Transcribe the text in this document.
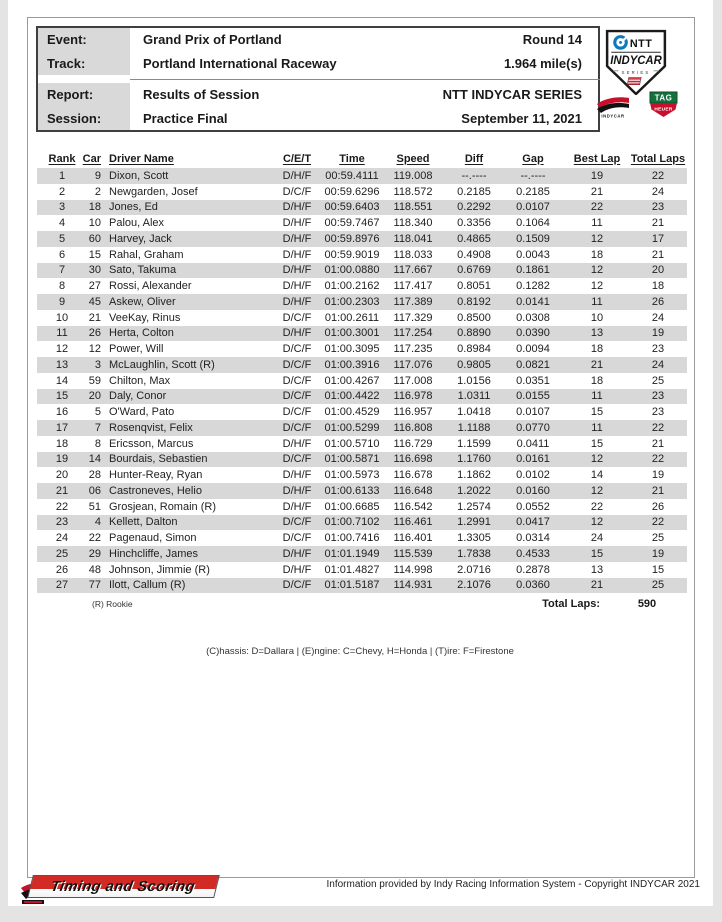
Event:	Grand Prix of Portland	Round 14
Track:	Portland International Raceway	1.964 mile(s)
Report:	Results of Session	NTT INDYCAR SERIES
Session:	Practice Final	September 11, 2021
NTT
INDYCAR
SERIES
INDYCAR
TAG
HEUER
Rank Car Driver Name	C/E/T	Time	Speed	Diff	Gap	Best Lap Total Laps
1	9 Dixon, Scott	D/H/F	00:59.4111	119.008	--.----	--.----	19	22
2	2 Newgarden, Josef	D/C/F	00:59.6296	118.572	0.2185	0.2185	21	24
3	18 Jones, Ed	D/H/F	00:59.6403	118.551	0.2292	0.0107	22	23
4	10 Palou, Alex	D/H/F	00:59.7467	118.340	0.3356	0.1064	11	21
5	60 Harvey, Jack	D/H/F	00:59.8976	118.041	0.4865	0.1509	12	17
6	15 Rahal, Graham	D/H/F	00:59.9019	118.033	0.4908	0.0043	18	21
7	30 Sato, Takuma	D/H/F	01:00.0880	117.667	0.6769	0.1861	12	20
8	27 Rossi, Alexander	D/H/F	01:00.2162	117.417	0.8051	0.1282	12	18
9	45 Askew, Oliver	D/H/F	01:00.2303	117.389	0.8192	0.0141	11	26
10	21 VeeKay, Rinus	D/C/F	01:00.2611	117.329	0.8500	0.0308	10	24
11	26 Herta, Colton	D/H/F	01:00.3001	117.254	0.8890	0.0390	13	19
12	12 Power, Will	D/C/F	01:00.3095	117.235	0.8984	0.0094	18	23
13	3 McLaughlin, Scott (R)	D/C/F	01:00.3916	117.076	0.9805	0.0821	21	24
14	59 Chilton, Max	D/C/F	01:00.4267	117.008	1.0156	0.0351	18	25
15	20 Daly, Conor	D/C/F	01:00.4422	116.978	1.0311	0.0155	11	23
16	5 O'Ward, Pato	D/C/F	01:00.4529	116.957	1.0418	0.0107	15	23
17	7 Rosenqvist, Felix	D/C/F	01:00.5299	116.808	1.1188	0.0770	11	22
18	8 Ericsson, Marcus	D/H/F	01:00.5710	116.729	1.1599	0.0411	15	21
19	14 Bourdais, Sebastien	D/C/F	01:00.5871	116.698	1.1760	0.0161	12	22
20	28 Hunter-Reay, Ryan	D/H/F	01:00.5973	116.678	1.1862	0.0102	14	19
21	06 Castroneves, Helio	D/H/F	01:00.6133	116.648	1.2022	0.0160	12	21
22	51 Grosjean, Romain (R)	D/H/F	01:00.6685	116.542	1.2574	0.0552	22	26
23	4 Kellett, Dalton	D/C/F	01:00.7102	116.461	1.2991	0.0417	12	22
24	22 Pagenaud, Simon	D/C/F	01:00.7416	116.401	1.3305	0.0314	24	25
25	29 Hinchcliffe, James	D/H/F	01:01.1949	115.539	1.7838	0.4533	15	19
26	48 Johnson, Jimmie (R)	D/H/F	01:01.4827	114.998	2.0716	0.2878	13	15
27	77 Ilott, Callum (R)	D/C/F	01:01.5187	114.931	2.1076	0.0360	21	25
(R) Rookie	Total Laps:	590
(C)hassis: D=Dallara | (E)ngine: C=Chevy, H=Honda | (T)ire: F=Firestone
Timing and Scoring	Information provided by Indy Racing Information System - Copyright INDYCAR 2021
